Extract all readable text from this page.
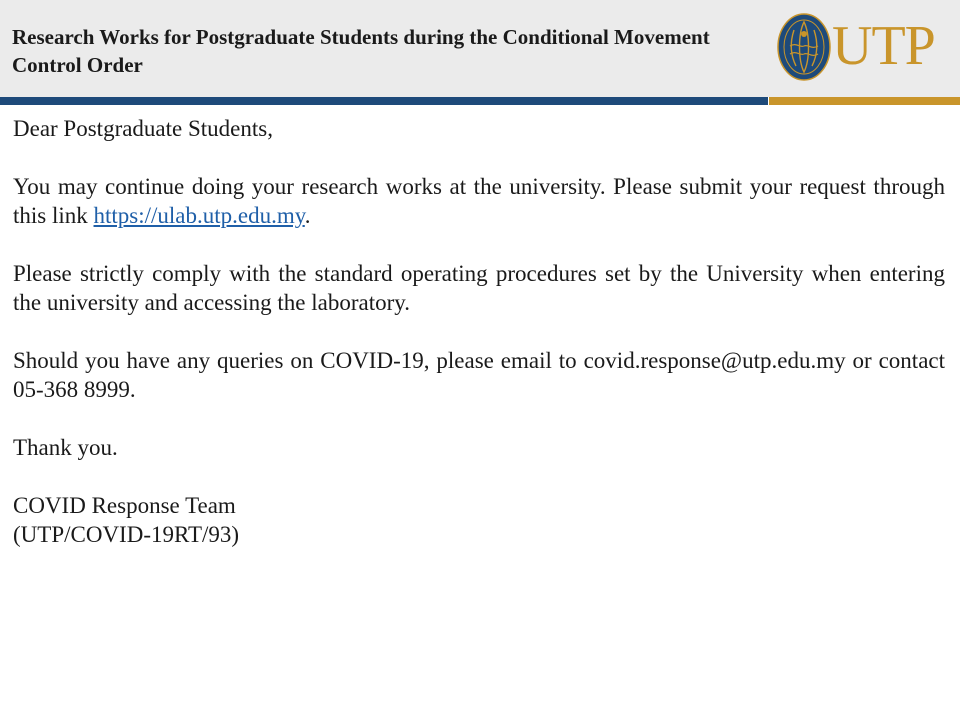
Research Works for Postgraduate Students during the Conditional Movement Control Order	UTP

Dear Postgraduate Students,

You may continue doing your research works at the university. Please submit your request through this link https://ulab.utp.edu.my.

Please strictly comply with the standard operating procedures set by the University when entering the university and accessing the laboratory.

Should you have any queries on COVID-19, please email to covid.response@utp.edu.my or contact 05-368 8999.

Thank you.

COVID Response Team

(UTP/COVID-19RT/93)
